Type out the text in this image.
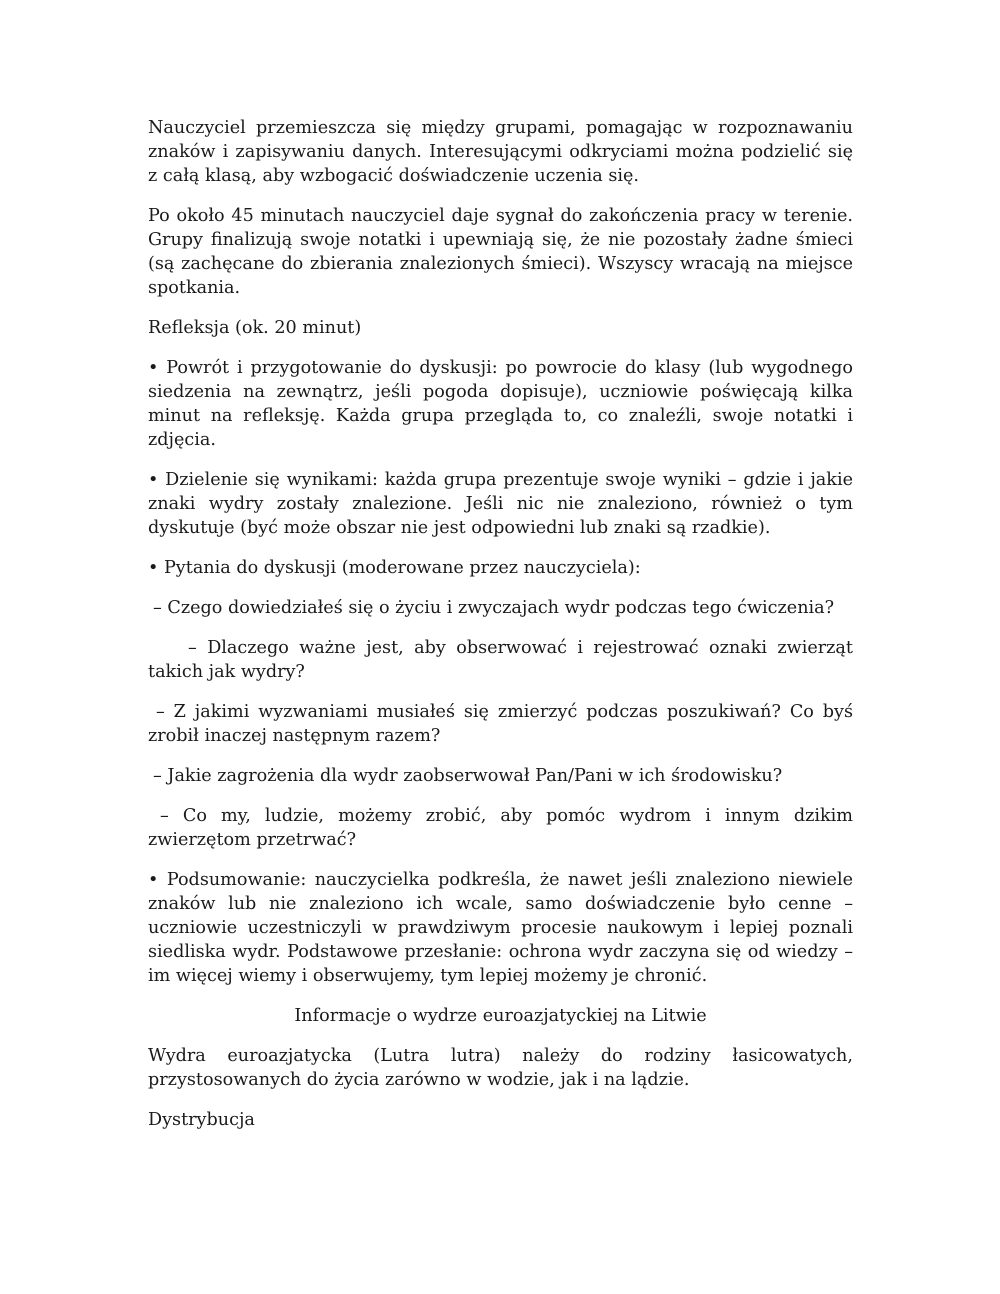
Nauczyciel przemieszcza się między grupami, pomagając w rozpoznawaniu znaków i zapisywaniu danych. Interesującymi odkryciami można podzielić się z całą klasą, aby wzbogacić doświadczenie uczenia się.

Po około 45 minutach nauczyciel daje sygnał do zakończenia pracy w terenie. Grupy finalizują swoje notatki i upewniają się, że nie pozostały żadne śmieci (są zachęcane do zbierania znalezionych śmieci). Wszyscy wracają na miejsce spotkania.

Refleksja (ok. 20 minut)

• Powrót i przygotowanie do dyskusji: po powrocie do klasy (lub wygodnego siedzenia na zewnątrz, jeśli pogoda dopisuje), uczniowie poświęcają kilka minut na refleksję. Każda grupa przegląda to, co znaleźli, swoje notatki i zdjęcia.

• Dzielenie się wynikami: każda grupa prezentuje swoje wyniki – gdzie i jakie znaki wydry zostały znalezione. Jeśli nic nie znaleziono, również o tym dyskutuje (być może obszar nie jest odpowiedni lub znaki są rzadkie).

• Pytania do dyskusji (moderowane przez nauczyciela):

– Czego dowiedziałeś się o życiu i zwyczajach wydr podczas tego ćwiczenia?

– Dlaczego ważne jest, aby obserwować i rejestrować oznaki zwierząt takich jak wydry?

– Z jakimi wyzwaniami musiałeś się zmierzyć podczas poszukiwań? Co byś zrobił inaczej następnym razem?

– Jakie zagrożenia dla wydr zaobserwował Pan/Pani w ich środowisku?

– Co my, ludzie, możemy zrobić, aby pomóc wydrom i innym dzikim zwierzętom przetrwać?

• Podsumowanie: nauczycielka podkreśla, że nawet jeśli znaleziono niewiele znaków lub nie znaleziono ich wcale, samo doświadczenie było cenne – uczniowie uczestniczyli w prawdziwym procesie naukowym i lepiej poznali siedliska wydr. Podstawowe przesłanie: ochrona wydr zaczyna się od wiedzy – im więcej wiemy i obserwujemy, tym lepiej możemy je chronić.

Informacje o wydrze euroazjatyckiej na Litwie

Wydra euroazjatycka (Lutra lutra) należy do rodziny łasicowatych, przystosowanych do życia zarówno w wodzie, jak i na lądzie.

Dystrybucja
